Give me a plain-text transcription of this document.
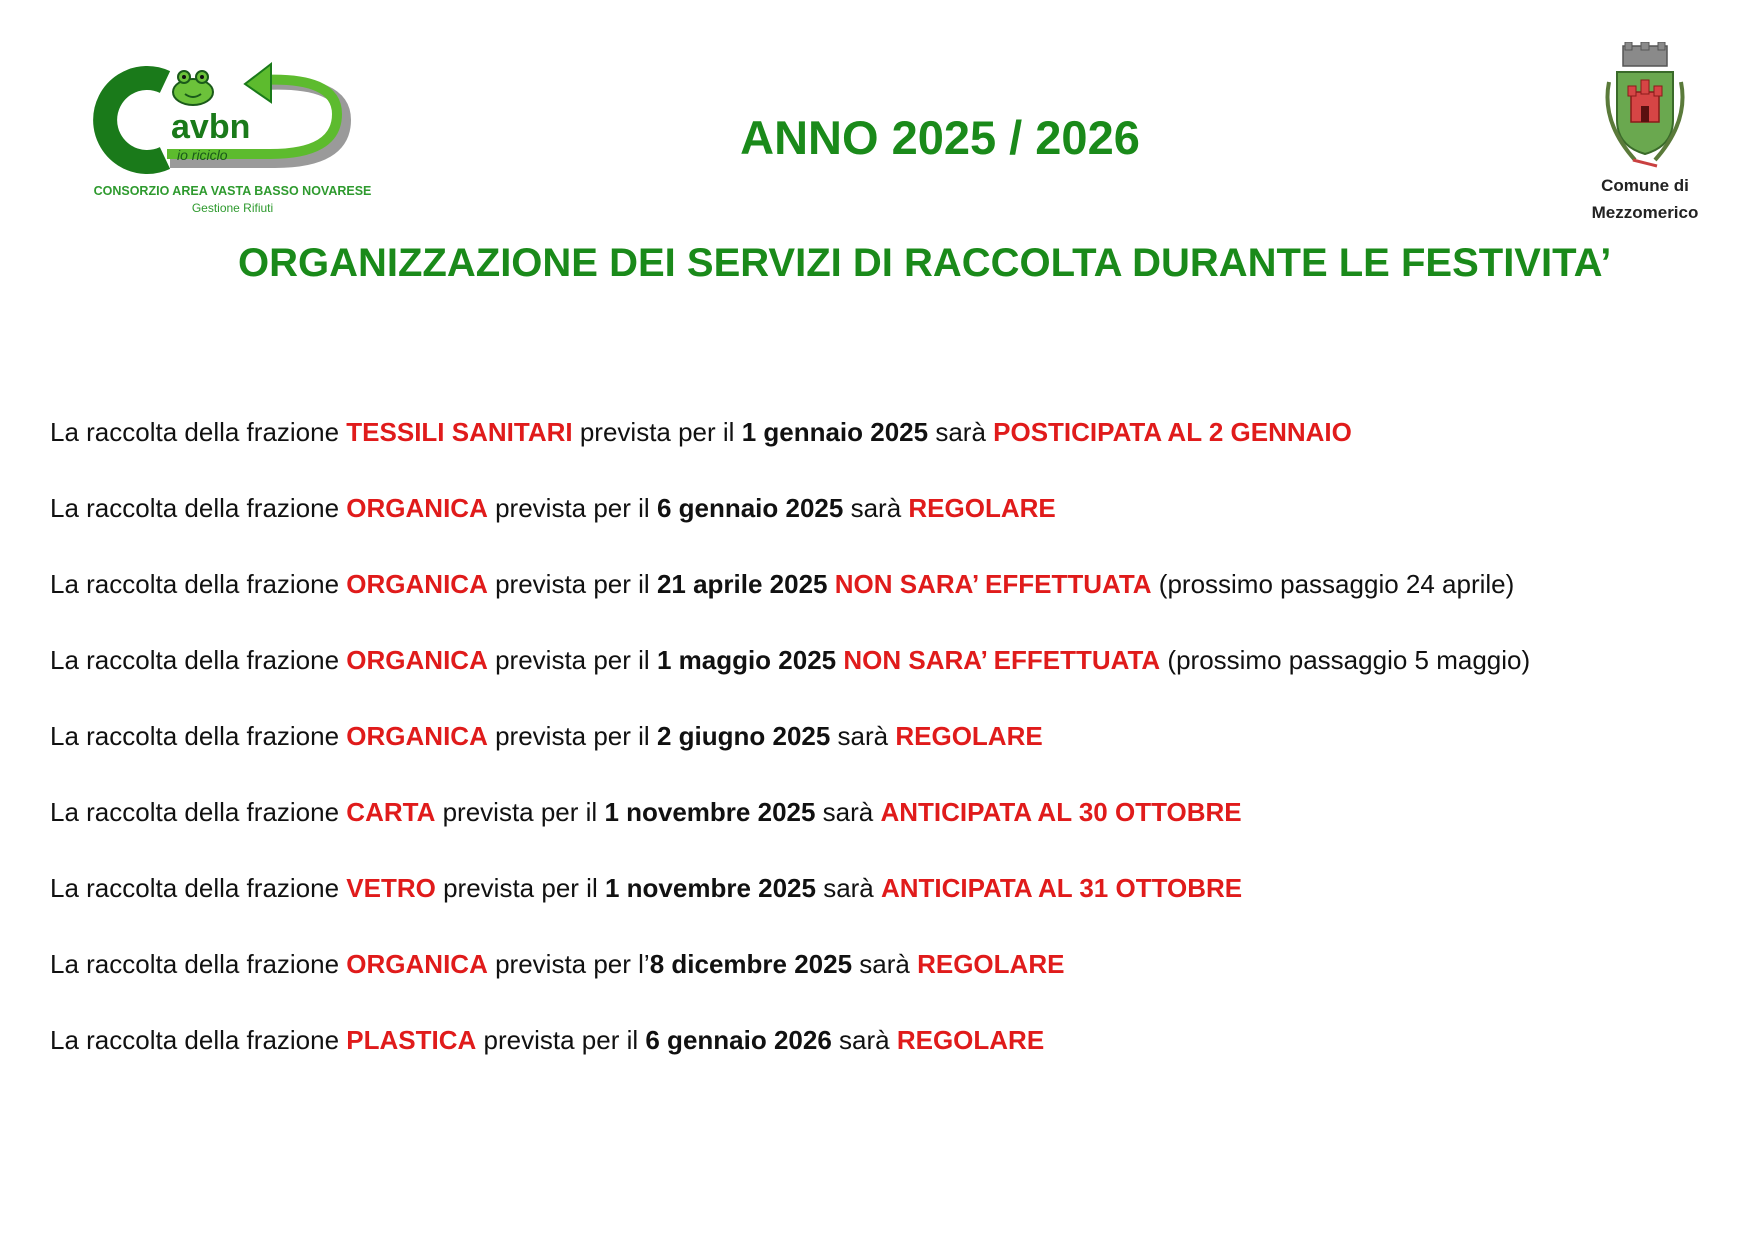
avbn
io riciclo
CONSORZIO AREA VASTA BASSO NOVARESE
Gestione Rifiuti
Comune di
Mezzomerico
ANNO 2025 / 2026
ORGANIZZAZIONE DEI SERVIZI DI RACCOLTA DURANTE LE FESTIVITA’
La raccolta della frazione TESSILI SANITARI prevista per il 1 gennaio 2025 sarà POSTICIPATA AL 2 GENNAIO
La raccolta della frazione ORGANICA prevista per il 6 gennaio 2025 sarà REGOLARE
La raccolta della frazione ORGANICA prevista per il 21 aprile 2025 NON SARA’ EFFETTUATA (prossimo passaggio 24 aprile)
La raccolta della frazione ORGANICA prevista per il 1 maggio 2025 NON SARA’ EFFETTUATA (prossimo passaggio 5 maggio)
La raccolta della frazione ORGANICA prevista per il 2 giugno 2025 sarà REGOLARE
La raccolta della frazione CARTA prevista per il 1 novembre 2025 sarà ANTICIPATA AL 30 OTTOBRE
La raccolta della frazione VETRO prevista per il 1 novembre 2025 sarà ANTICIPATA AL 31 OTTOBRE
La raccolta della frazione ORGANICA prevista per l’8 dicembre 2025 sarà REGOLARE
La raccolta della frazione PLASTICA prevista per il 6 gennaio 2026 sarà REGOLARE
